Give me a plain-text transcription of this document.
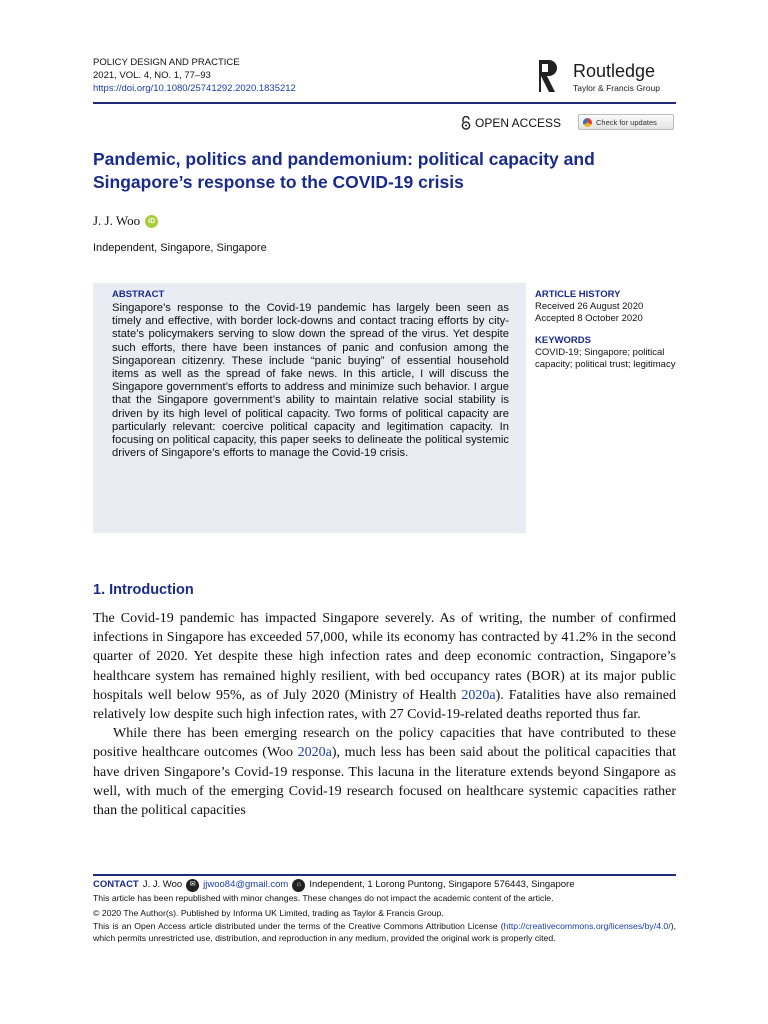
POLICY DESIGN AND PRACTICE
2021, VOL. 4, NO. 1, 77–93
https://doi.org/10.1080/25741292.2020.1835212
Routledge
Taylor & Francis Group
OPEN ACCESS	Check for updates
Pandemic, politics and pandemonium: political capacity and Singapore’s response to the COVID-19 crisis
J. J. Woo	iD
Independent, Singapore, Singapore
ABSTRACT
Singapore’s response to the Covid-19 pandemic has largely been seen as timely and effective, with border lock-downs and contact tracing efforts by city-state’s policymakers serving to slow down the spread of the virus. Yet despite such efforts, there have been instances of panic and confusion among the Singaporean citizenry. These include “panic buying” of essential household items as well as the spread of fake news. In this article, I will discuss the Singapore government’s efforts to address and minimize such behavior. I argue that the Singapore government’s ability to maintain relative social stability is driven by its high level of political capacity. Two forms of political capacity are particularly relevant: coercive political capacity and legitimation capacity. In focusing on political capacity, this paper seeks to delineate the political systemic drivers of Singapore’s efforts to manage the Covid-19 crisis.
ARTICLE HISTORY
Received 26 August 2020
Accepted 8 October 2020
KEYWORDS
COVID-19; Singapore; political capacity; political trust; legitimacy
1. Introduction

The Covid-19 pandemic has impacted Singapore severely. As of writing, the number of confirmed infections in Singapore has exceeded 57,000, while its economy has contracted by 41.2% in the second quarter of 2020. Yet despite these high infection rates and deep economic contraction, Singapore’s healthcare system has remained highly resilient, with bed occupancy rates (BOR) at its major public hospitals well below 95%, as of July 2020 (Ministry of Health 2020a). Fatalities have also remained relatively low despite such high infection rates, with 27 Covid-19-related deaths reported thus far.

While there has been emerging research on the policy capacities that have contributed to these positive healthcare outcomes (Woo 2020a), much less has been said about the political capacities that have driven Singapore’s Covid-19 response. This lacuna in the literature extends beyond Singapore as well, with much of the emerging Covid-19 research focused on healthcare systemic capacities rather than the political capacities

CONTACT J. J. Woo	✉ jjwoo84@gmail.com	⌂ Independent, 1 Lorong Puntong, Singapore 576443, Singapore
This article has been republished with minor changes. These changes do not impact the academic content of the article.
© 2020 The Author(s). Published by Informa UK Limited, trading as Taylor & Francis Group.
This is an Open Access article distributed under the terms of the Creative Commons Attribution License (http://creativecommons.org/licenses/by/4.0/), which permits unrestricted use, distribution, and reproduction in any medium, provided the original work is properly cited.
